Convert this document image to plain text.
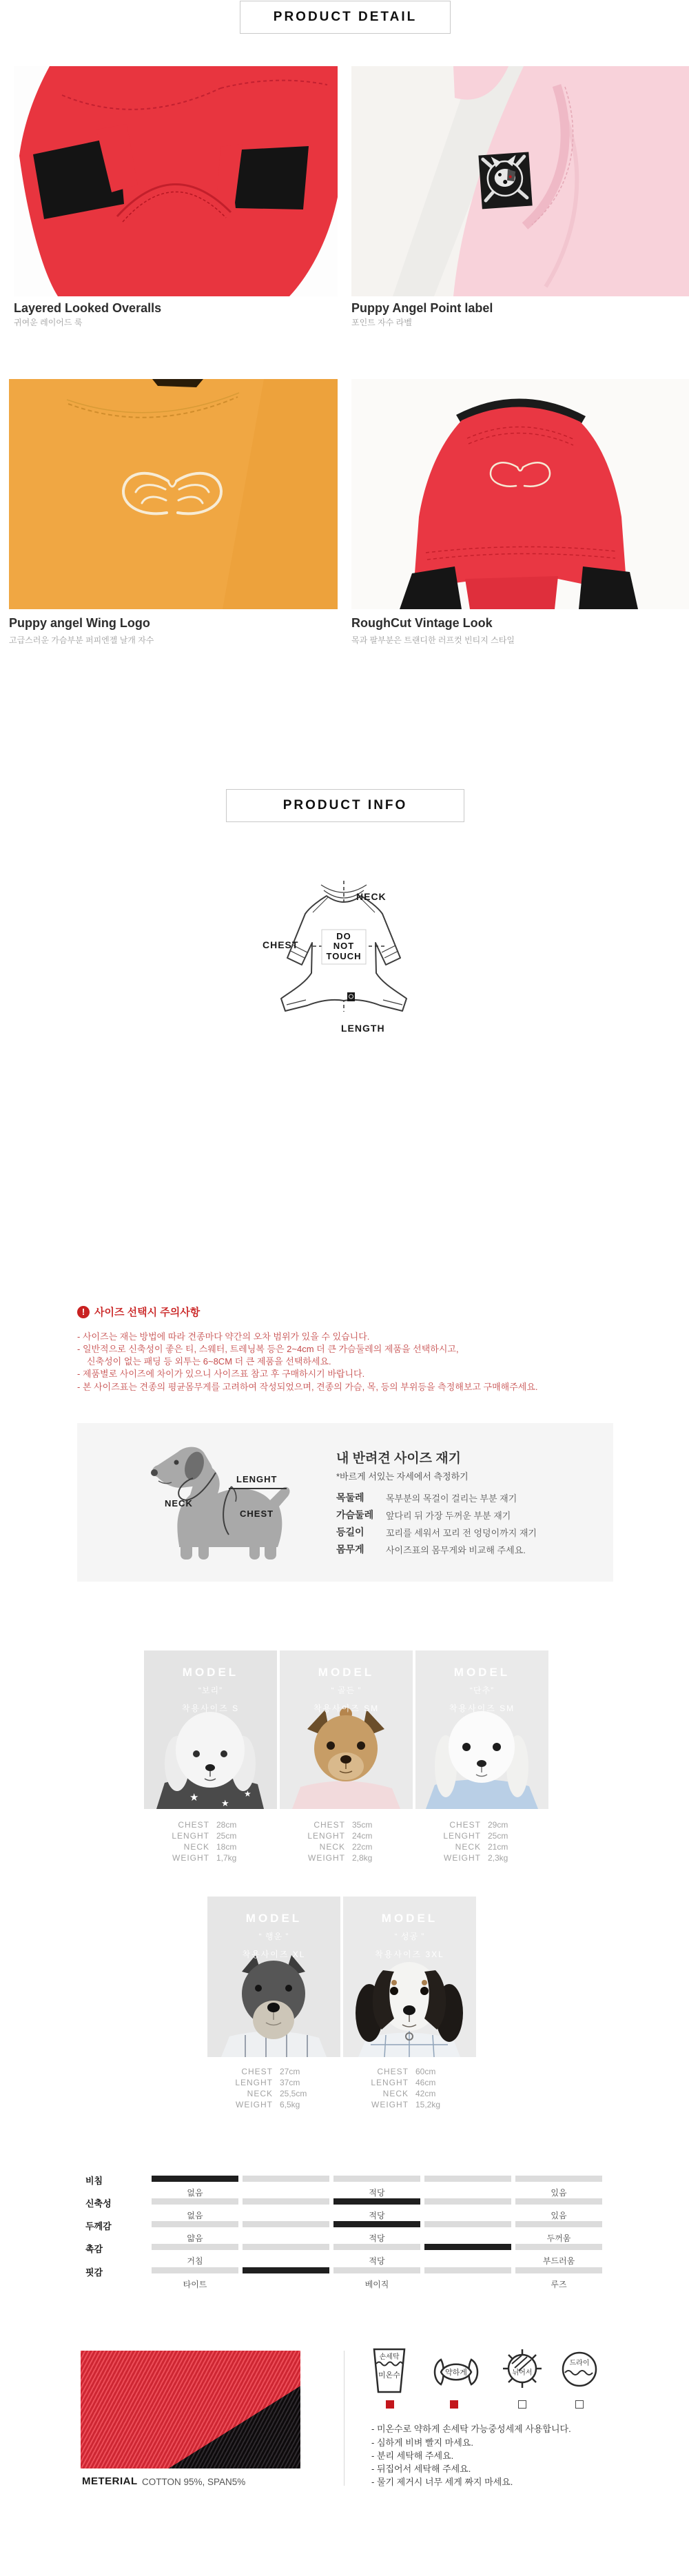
PRODUCT DETAIL
Layered Looked Overalls
귀여운 레이어드 룩
Puppy Angel Point label
포인트 자수 라벨
Puppy angel Wing Logo
고급스러운 가슴부분 퍼피엔젤 날개 자수
RoughCut Vintage Look
목과 팔부분은 트랜디한 러프컷 빈티지 스타일
PRODUCT INFO
DO
NOT
TOUCH
NECK
CHEST
LENGTH
! 사이즈 선택시 주의사항
- 사이즈는 재는 방법에 따라 견종마다 약간의 오차 범위가 있을 수 있습니다.
- 일반적으로 신축성이 좋은 티, 스웨터, 트레닝복 등은 2~4cm 더 큰 가슴둘레의 제품을 선택하시고,
신축성이 없는 패딩 등 외투는 6~8CM 더 큰 제품을 선택하세요.
- 제품별로 사이즈에 차이가 있으니 사이즈표 참고 후 구매하시기 바랍니다.
- 본 사이즈표는 견종의 평균몸무게를 고려하여 작성되었으며, 견종의 가슴, 목, 등의 부위등을 측정해보고 구매해주세요.
LENGHT
NECK
CHEST
내 반려견 사이즈 재기
*바르게 서있는 자세에서 측정하기
목둘레 목부분의 목걸이 걸리는 부분 재기
가슴둘레 앞다리 뒤 가장 두꺼운 부분 재기
등길이 꼬리를 세워서 꼬리 전 엉덩이까지 재기
몸무게 사이즈표의 몸무게와 비교해 주세요.
MODEL
“보리”
착용사이즈 S
★	★
★
MODEL
“ 골든 ”
착용사이즈 SM
MODEL
“단추”
착용사이즈 SM
CHEST 28cm
LENGHT 25cm
NECK 18cm
WEIGHT 1,7kg
CHEST 35cm
LENGHT 24cm
NECK 22cm
WEIGHT 2,8kg
CHEST 29cm
LENGHT 25cm
NECK 21cm
WEIGHT 2,3kg
MODEL
“ 행운 ”
착용사이즈 XL
MODEL
“ 성공 ”
착용사이즈 3XL
CHEST 27cm
LENGHT 37cm
NECK 25,5cm
WEIGHT 6,5kg
CHEST 60cm
LENGHT 46cm
NECK 42cm
WEIGHT 15,2kg
비침
없음	적당	있음
신축성
없음	적당	있음
두께감
얇음	적당	두꺼움
촉감
거침	적당	부드러움
핏감
타이트	베이직	루즈
METERIAL COTTON 95%, SPAN5%
손세탁
미온수	약하게	뉘어서
드라이
- 미온수로 약하게 손세탁 가능중성세제 사용합니다.
- 심하게 비벼 빨지 마세요.
- 분리 세탁해 주세요.
- 뒤집어서 세탁해 주세요.
- 물기 제거시 너무 세게 짜지 마세요.
